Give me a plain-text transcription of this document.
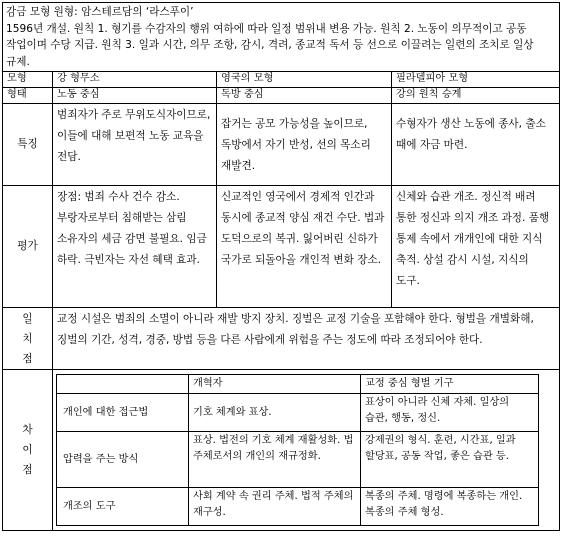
감금 모형 원형: 암스테르담의 ‘라스푸이’
1596년 개설. 원칙 1. 형기를 수감자의 행위 여하에 따라 일정 범위내 변용 가능. 원칙 2. 노동이 의무적이고 공동 작업이며 수당 지급. 원칙 3. 일과 시간, 의무 조항, 감시, 격려, 종교적 독서 등 선으로 이끌려는 일련의 조치로 일상 규제.

모형	강 형무소	영국의 모형	필라델피아 모형
형태	노동 중심	독방 중심	강의 원칙 승계
특징	범죄자가 주로 무위도식자이므로, 이들에 대해 보편적 노동 교육을 전담.	잡거는 공모 가능성을 높이므로, 독방에서 자기 반성, 선의 목소리 재발견.	수형자가 생산 노동에 종사, 출소 때에 자금 마련.
평가	장점: 범죄 수사 건수 감소. 부랑자로부터 침해받는 삼림 소유자의 세금 감면 불필요. 임금 하락. 극빈자는 자선 혜택 효과.	신교적인 영국에서 경제적 인간과 동시에 종교적 양심 재건 수단. 법과 도덕으로의 복귀. 잃어버린 신하가 국가로 되돌아올 개인적 변화 장소.	신체와 습관 개조. 정신적 배려 통한 정신과 의지 개조 과정. 품행 통제 속에서 개개인에 대한 지식 축적. 상설 감시 시설, 지식의 도구.

일
치
점
	교정 시설은 범죄의 소멸이 아니라 재발 방지 장치. 징벌은 교정 기술을 포함해야 한다. 형벌을 개별화해, 징벌의 기간, 성격, 경중, 방법 등을 다른 사람에게 위험을 주는 정도에 따라 조정되어야 한다.

차
이
점

	개혁자	교정 중심 형벌 기구
개인에 대한 접근법	기호 체계와 표상.	표상이 아니라 신체 자체. 일상의 습관, 행동, 정신.
압력을 주는 방식	표상. 법전의 기호 체계 재활성화. 법 주체로서의 개인의 재규정화.	강제권의 형식. 훈련, 시간표, 일과 할당표, 공동 작업, 좋은 습관 등.
개조의 도구	사회 계약 속 권리 주체. 법적 주체의 재구성.	복종의 주체. 명령에 복종하는 개인. 복종의 주체 형성.
